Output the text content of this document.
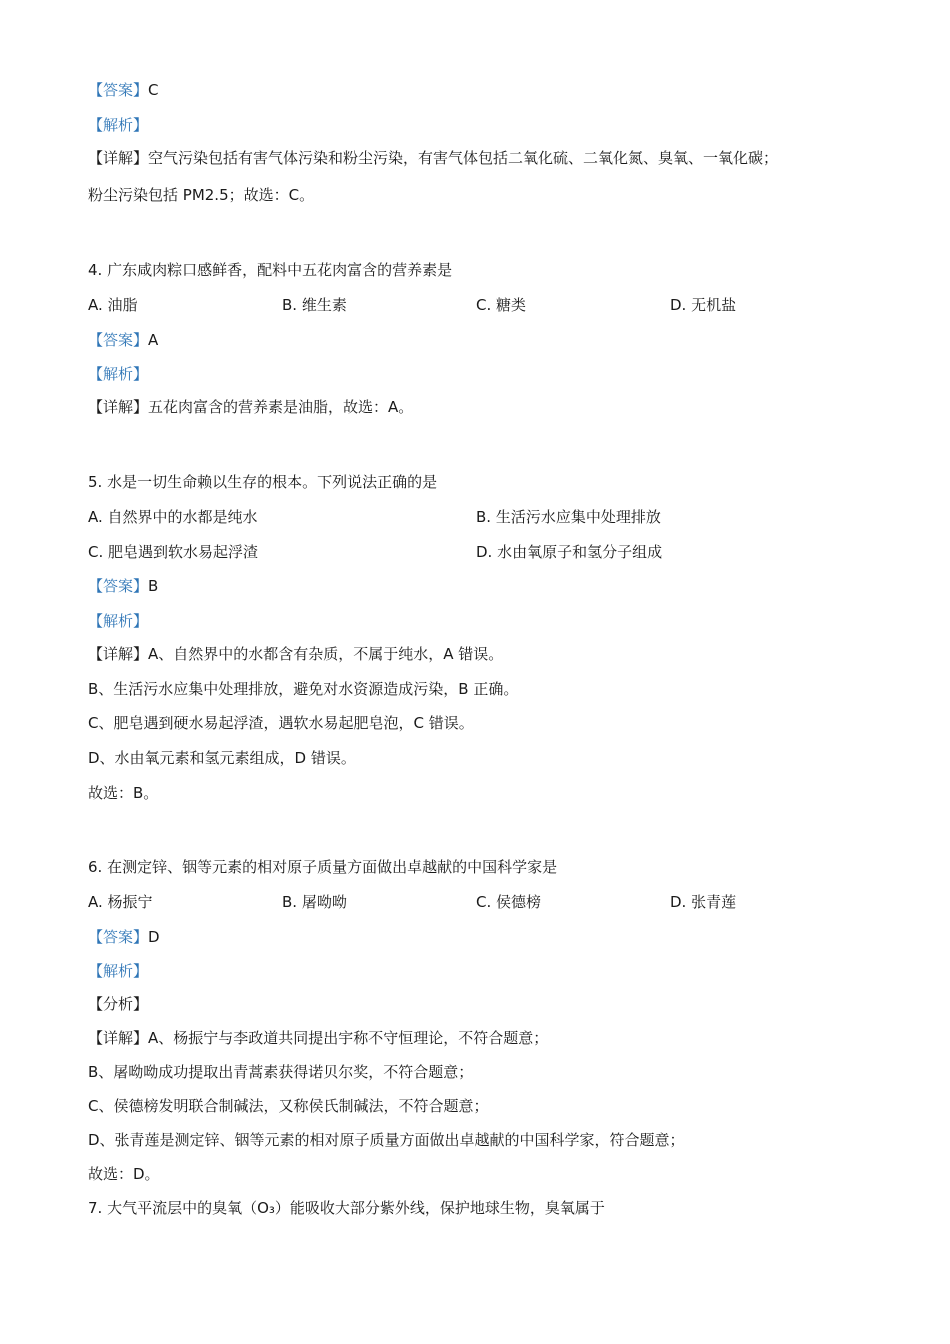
【答案】C
【解析】
【详解】空气污染包括有害气体污染和粉尘污染，有害气体包括二氧化硫、二氧化氮、臭氧、一氧化碳；
粉尘污染包括 PM2.5；故选：C。
4. 广东咸肉粽口感鲜香，配料中五花肉富含的营养素是
A. 油脂	B. 维生素	C. 糖类	D. 无机盐
【答案】A
【解析】
【详解】五花肉富含的营养素是油脂，故选：A。
5. 水是一切生命赖以生存的根本。下列说法正确的是
A. 自然界中的水都是纯水	B. 生活污水应集中处理排放
C. 肥皂遇到软水易起浮渣	D. 水由氧原子和氢分子组成
【答案】B
【解析】
【详解】A、自然界中的水都含有杂质，不属于纯水，A 错误。
B、生活污水应集中处理排放，避免对水资源造成污染，B 正确。
C、肥皂遇到硬水易起浮渣，遇软水易起肥皂泡，C 错误。
D、水由氧元素和氢元素组成，D 错误。
故选：B。
6. 在测定锌、铟等元素的相对原子质量方面做出卓越献的中国科学家是
A. 杨振宁	B. 屠呦呦	C. 侯德榜	D. 张青莲
【答案】D
【解析】
【分析】
【详解】A、杨振宁与李政道共同提出宇称不守恒理论，不符合题意；
B、屠呦呦成功提取出青蒿素获得诺贝尔奖，不符合题意；
C、侯德榜发明联合制碱法，又称侯氏制碱法，不符合题意；
D、张青莲是测定锌、铟等元素的相对原子质量方面做出卓越献的中国科学家，符合题意；
故选：D。
7. 大气平流层中的臭氧（O₃）能吸收大部分紫外线，保护地球生物，臭氧属于
